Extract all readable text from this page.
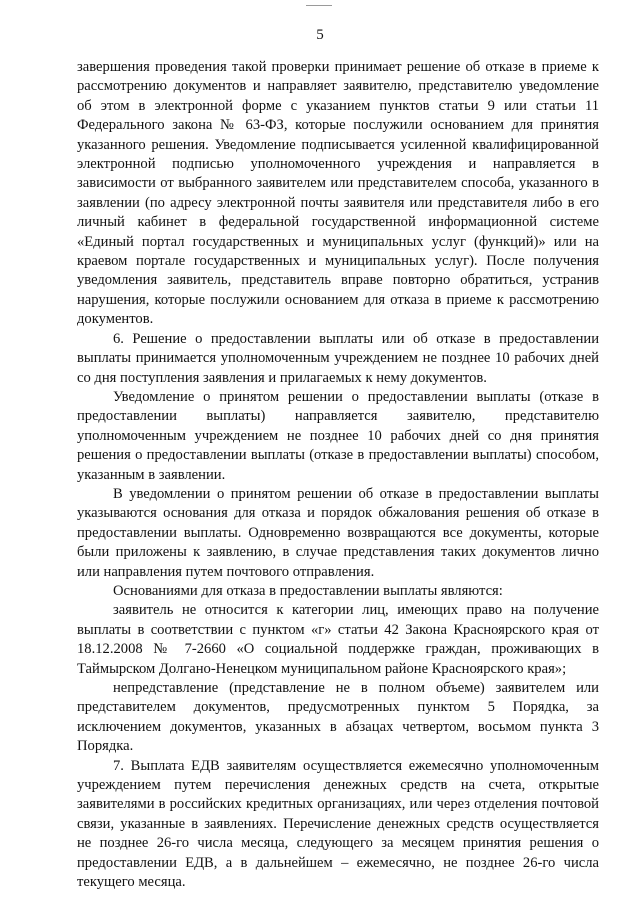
5

завершения проведения такой проверки принимает решение об отказе в приеме к рассмотрению документов и направляет заявителю, представителю уведомление об этом в электронной форме с указанием пунктов статьи 9 или статьи 11 Федерального закона № 63-ФЗ, которые послужили основанием для принятия указанного решения. Уведомление подписывается усиленной квалифицированной электронной подписью уполномоченного учреждения и направляется в зависимости от выбранного заявителем или представителем способа, указанного в заявлении (по адресу электронной почты заявителя или представителя либо в его личный кабинет в федеральной государственной информационной системе «Единый портал государственных и муниципальных услуг (функций)» или на краевом портале государственных и муниципальных услуг). После получения уведомления заявитель, представитель вправе повторно обратиться, устранив нарушения, которые послужили основанием для отказа в приеме к рассмотрению документов.

6. Решение о предоставлении выплаты или об отказе в предоставлении выплаты принимается уполномоченным учреждением не позднее 10 рабочих дней со дня поступления заявления и прилагаемых к нему документов.

Уведомление о принятом решении о предоставлении выплаты (отказе в предоставлении выплаты) направляется заявителю, представителю уполномоченным учреждением не позднее 10 рабочих дней со дня принятия решения о предоставлении выплаты (отказе в предоставлении выплаты) способом, указанным в заявлении.

В уведомлении о принятом решении об отказе в предоставлении выплаты указываются основания для отказа и порядок обжалования решения об отказе в предоставлении выплаты. Одновременно возвращаются все документы, которые были приложены к заявлению, в случае представления таких документов лично или направления путем почтового отправления.

Основаниями для отказа в предоставлении выплаты являются:

заявитель не относится к категории лиц, имеющих право на получение выплаты в соответствии с пунктом «г» статьи 42 Закона Красноярского края от 18.12.2008 № 7-2660 «О социальной поддержке граждан, проживающих в Таймырском Долгано-Ненецком муниципальном районе Красноярского края»;

непредставление (представление не в полном объеме) заявителем или представителем документов, предусмотренных пунктом 5 Порядка, за исключением документов, указанных в абзацах четвертом, восьмом пункта 3 Порядка.

7. Выплата ЕДВ заявителям осуществляется ежемесячно уполномоченным учреждением путем перечисления денежных средств на счета, открытые заявителями в российских кредитных организациях, или через отделения почтовой связи, указанные в заявлениях. Перечисление денежных средств осуществляется не позднее 26-го числа месяца, следующего за месяцем принятия решения о предоставлении ЕДВ, а в дальнейшем – ежемесячно, не позднее 26-го числа текущего месяца.
